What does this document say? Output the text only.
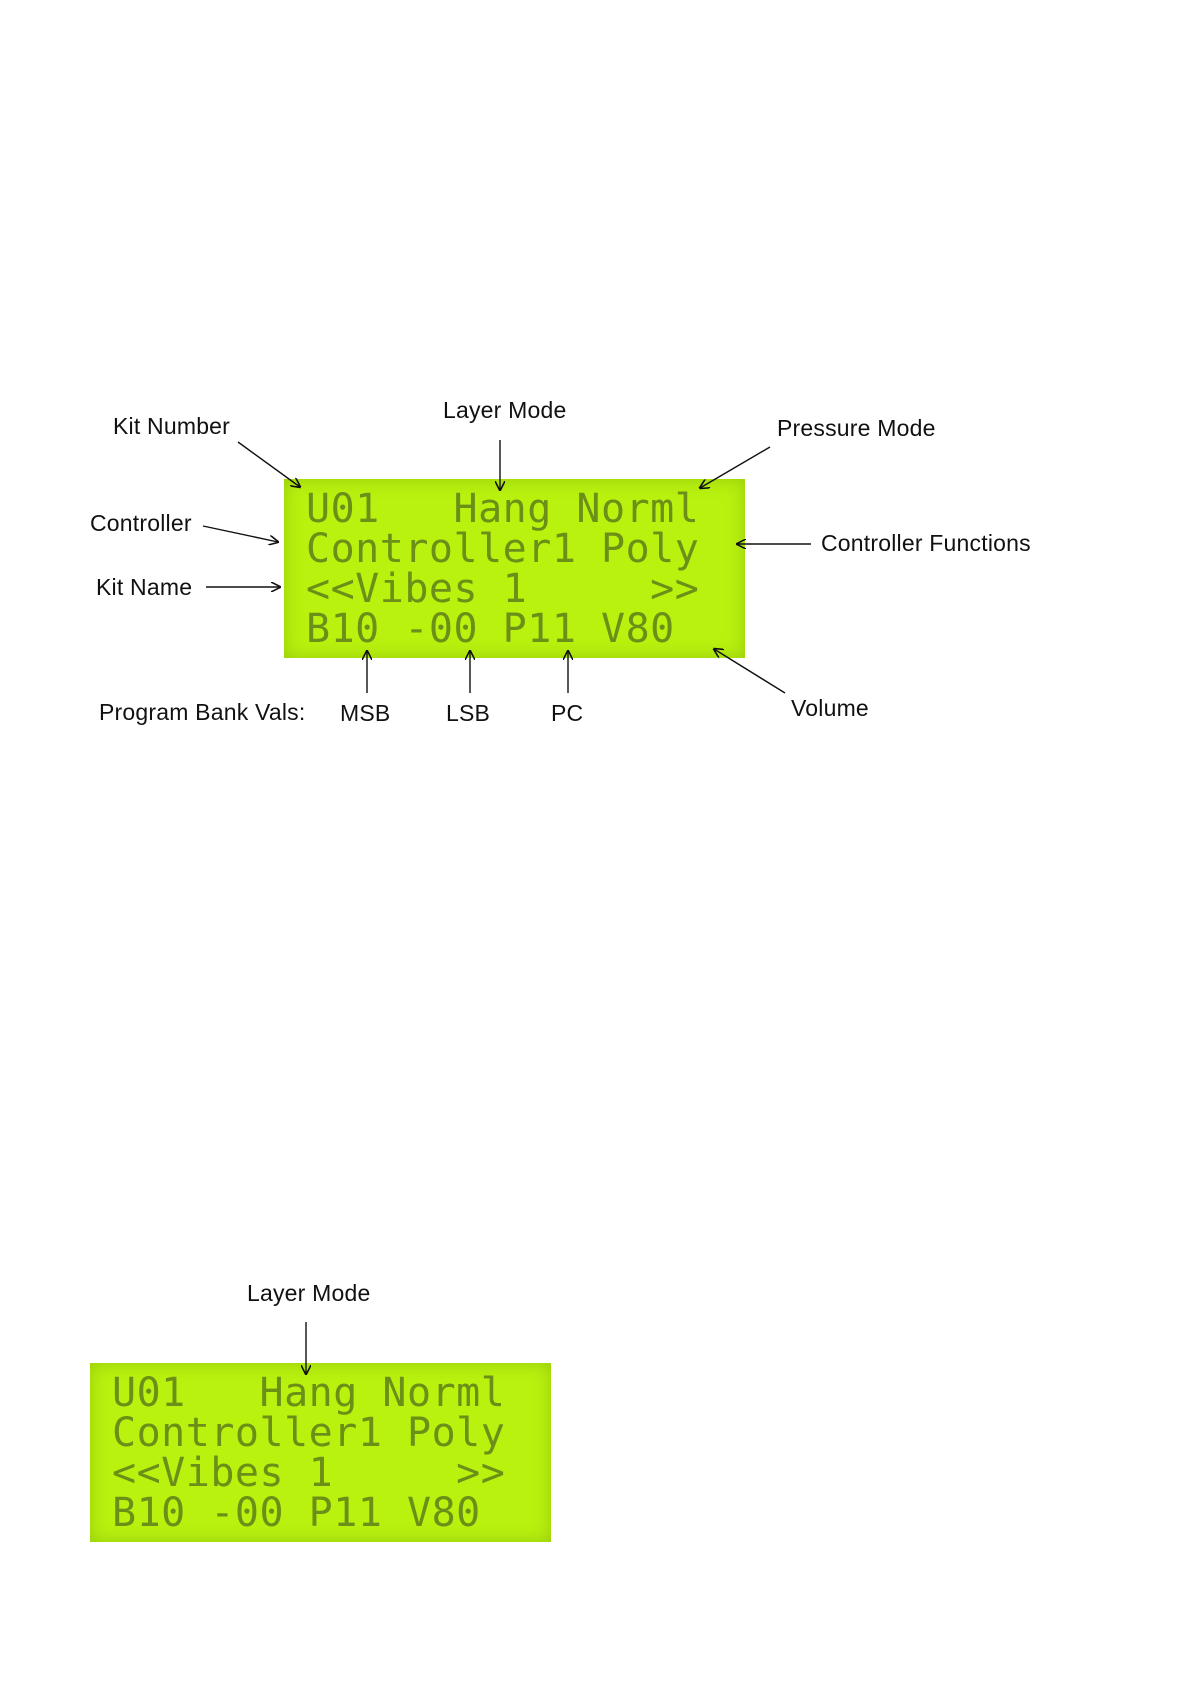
Kit Number
Layer Mode
Pressure Mode
Controller
Controller Functions
Kit Name
Program Bank Vals: MSB LSB	PC	Volume
U01   Hang Norml
Controller1 Poly
<<Vibes 1     >>
B10 -00 P11 V80
Layer Mode
U01   Hang Norml
Controller1 Poly
<<Vibes 1     >>
B10 -00 P11 V80
